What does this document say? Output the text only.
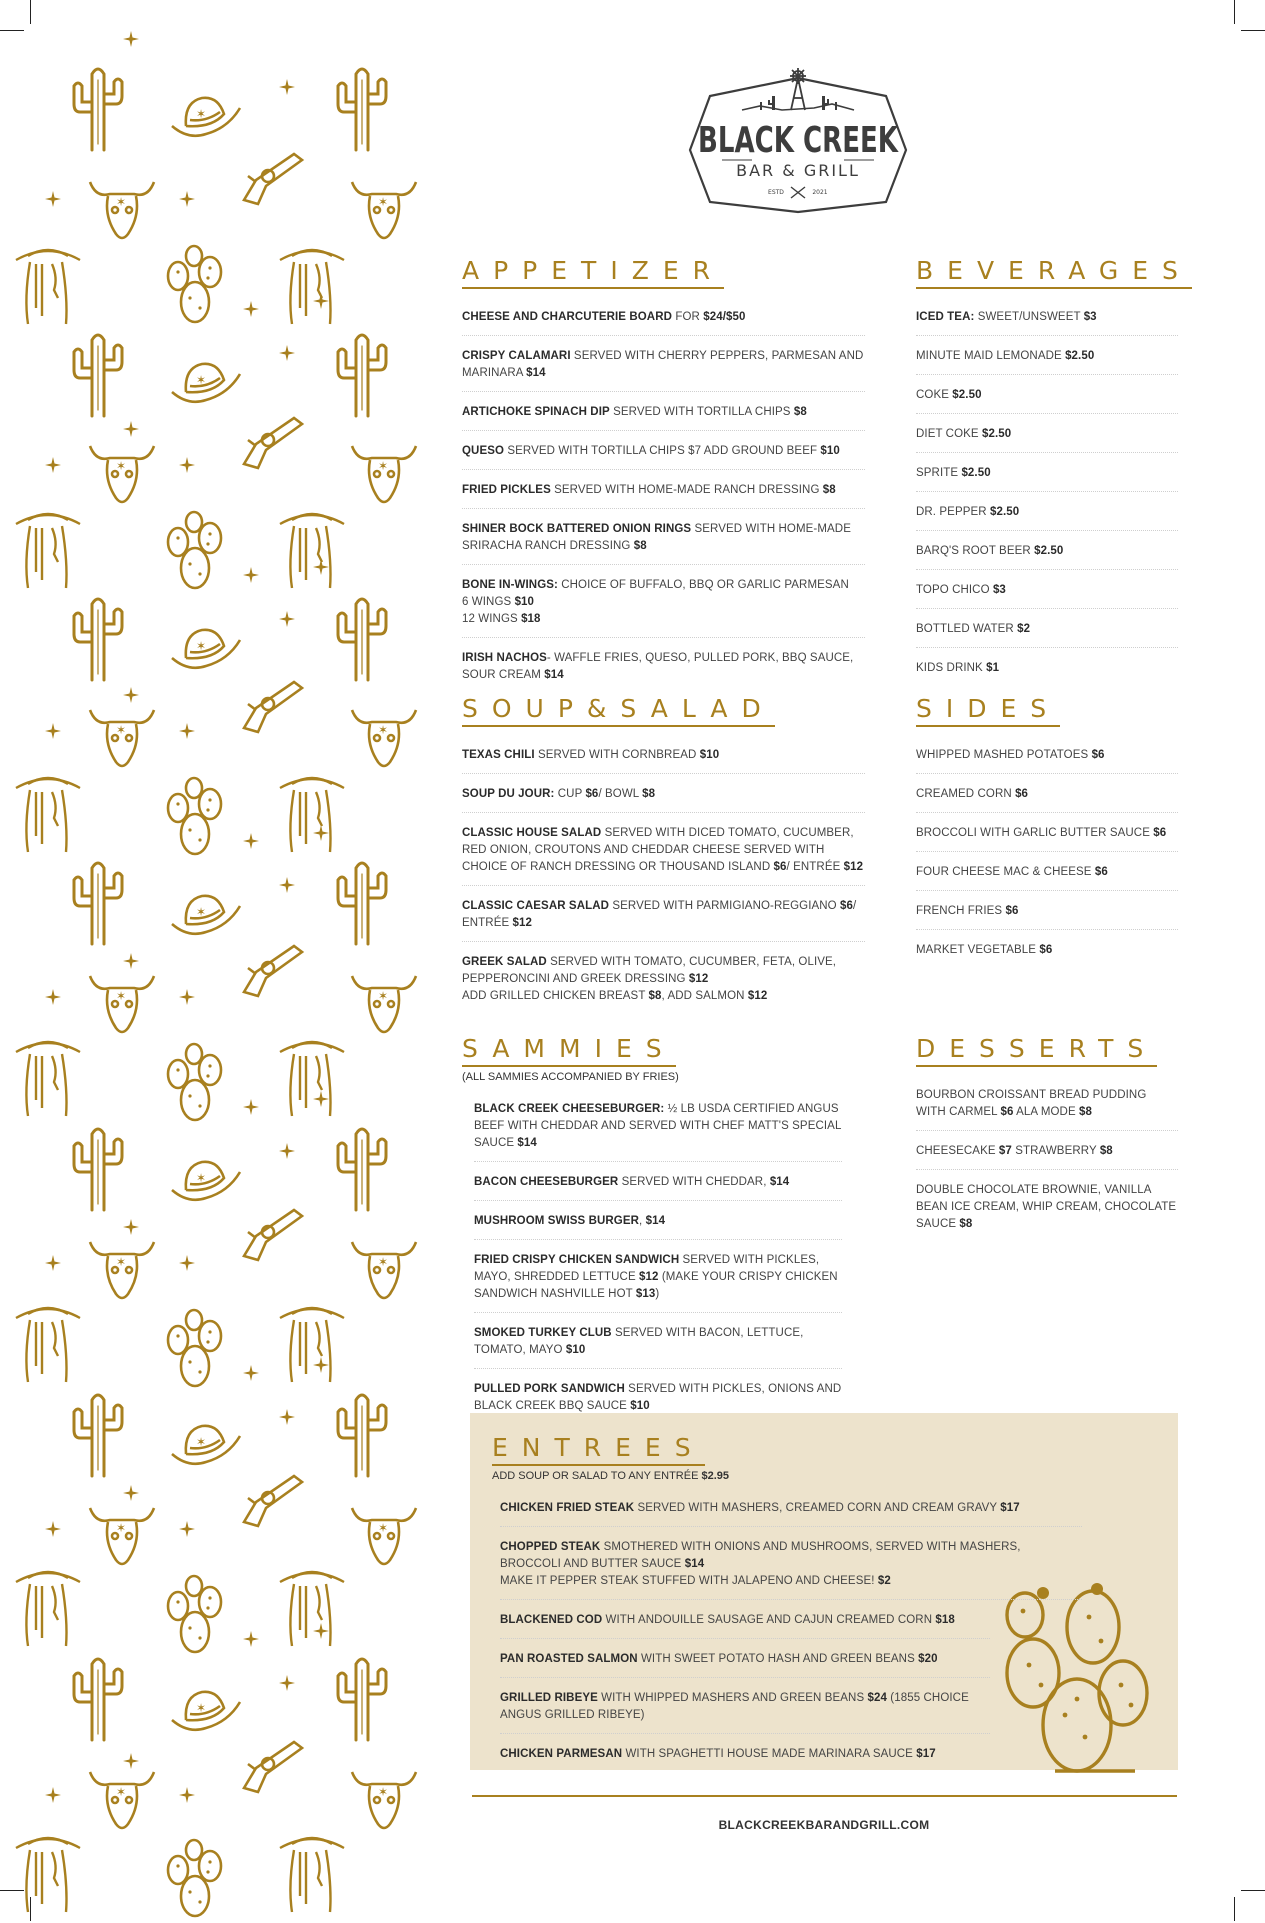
✶
✶	✶
✶
✶	✶
✶
✶	✶
✶
✶	✶
✶
✶	✶
✶
✶	✶
✶
✶	✶
BLACK CREEK
BAR & GRILL
ESTD	2021
APPETIZER
CHEESE AND CHARCUTERIE BOARD FOR $24/$50
CRISPY CALAMARI SERVED WITH CHERRY PEPPERS, PARMESAN AND MARINARA $14
ARTICHOKE SPINACH DIP SERVED WITH TORTILLA CHIPS $8
QUESO SERVED WITH TORTILLA CHIPS $7 ADD GROUND BEEF $10
FRIED PICKLES SERVED WITH HOME-MADE RANCH DRESSING $8
SHINER BOCK BATTERED ONION RINGS SERVED WITH HOME-MADE SRIRACHA RANCH DRESSING $8
BONE IN-WINGS: CHOICE OF BUFFALO, BBQ OR GARLIC PARMESAN
6 WINGS $10
12 WINGS $18
IRISH NACHOS- WAFFLE FRIES, QUESO, PULLED PORK, BBQ SAUCE, SOUR CREAM $14
BEVERAGES
ICED TEA: SWEET/UNSWEET $3
MINUTE MAID LEMONADE $2.50
COKE $2.50
DIET COKE $2.50
SPRITE $2.50
DR. PEPPER $2.50
BARQ'S ROOT BEER $2.50
TOPO CHICO $3
BOTTLED WATER $2
KIDS DRINK $1
SOUP&SALAD
TEXAS CHILI SERVED WITH CORNBREAD $10
SOUP DU JOUR: CUP $6/ BOWL $8
CLASSIC HOUSE SALAD SERVED WITH DICED TOMATO, CUCUMBER, RED ONION, CROUTONS AND CHEDDAR CHEESE SERVED WITH CHOICE OF RANCH DRESSING OR THOUSAND ISLAND $6/ ENTRÉE $12
CLASSIC CAESAR SALAD SERVED WITH PARMIGIANO-REGGIANO $6/ ENTRÉE $12
GREEK SALAD SERVED WITH TOMATO, CUCUMBER, FETA, OLIVE, PEPPERONCINI AND GREEK DRESSING $12
ADD GRILLED CHICKEN BREAST $8, ADD SALMON $12
SIDES
WHIPPED MASHED POTATOES $6
CREAMED CORN $6
BROCCOLI WITH GARLIC BUTTER SAUCE $6
FOUR CHEESE MAC & CHEESE $6
FRENCH FRIES $6
MARKET VEGETABLE $6
SAMMIES
(ALL SAMMIES ACCOMPANIED BY FRIES)
BLACK CREEK CHEESEBURGER: ½ LB USDA CERTIFIED ANGUS BEEF WITH CHEDDAR AND SERVED WITH CHEF MATT'S SPECIAL SAUCE $14
BACON CHEESEBURGER SERVED WITH CHEDDAR, $14
MUSHROOM SWISS BURGER, $14
FRIED CRISPY CHICKEN SANDWICH SERVED WITH PICKLES, MAYO, SHREDDED LETTUCE $12 (MAKE YOUR CRISPY CHICKEN SANDWICH NASHVILLE HOT $13)
SMOKED TURKEY CLUB SERVED WITH BACON, LETTUCE, TOMATO, MAYO $10
PULLED PORK SANDWICH SERVED WITH PICKLES, ONIONS AND BLACK CREEK BBQ SAUCE $10
DESSERTS
BOURBON CROISSANT BREAD PUDDING WITH CARMEL $6 ALA MODE $8
CHEESECAKE $7 STRAWBERRY $8
DOUBLE CHOCOLATE BROWNIE, VANILLA BEAN ICE CREAM, WHIP CREAM, CHOCOLATE SAUCE $8
ENTREES
ADD SOUP OR SALAD TO ANY ENTRÉE $2.95
CHICKEN FRIED STEAK SERVED WITH MASHERS, CREAMED CORN AND CREAM GRAVY $17
CHOPPED STEAK SMOTHERED WITH ONIONS AND MUSHROOMS, SERVED WITH MASHERS, BROCCOLI AND BUTTER SAUCE $14
MAKE IT PEPPER STEAK STUFFED WITH JALAPENO AND CHEESE! $2
BLACKENED COD WITH ANDOUILLE SAUSAGE AND CAJUN CREAMED CORN $18
PAN ROASTED SALMON WITH SWEET POTATO HASH AND GREEN BEANS $20
GRILLED RIBEYE WITH WHIPPED MASHERS AND GREEN BEANS $24 (1855 CHOICE ANGUS GRILLED RIBEYE)
CHICKEN PARMESAN WITH SPAGHETTI HOUSE MADE MARINARA SAUCE $17
BLACKCREEKBARANDGRILL.COM
